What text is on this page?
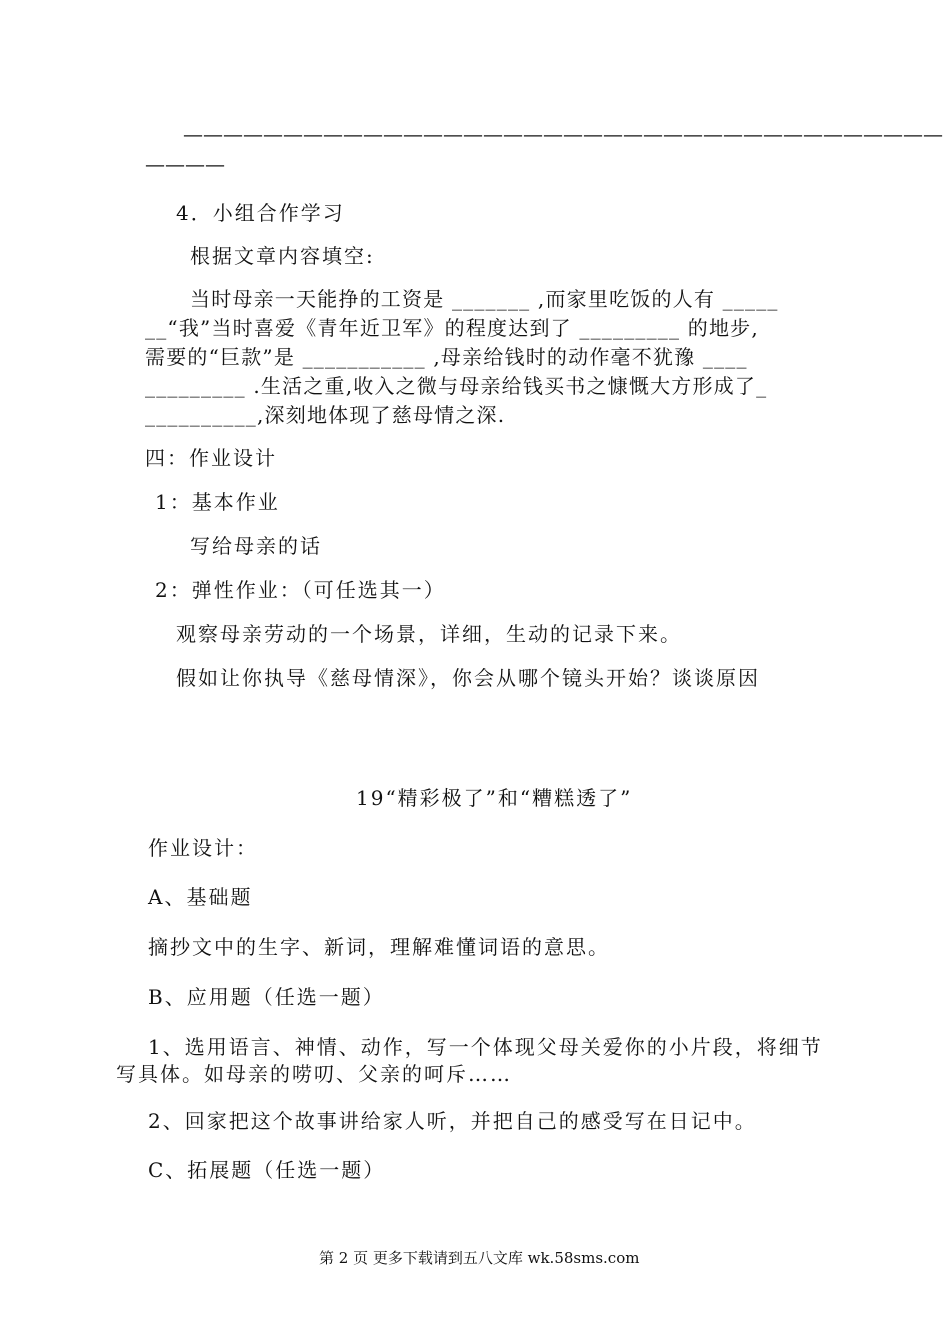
——————————————————————————————————————
————
4．小组合作学习
根据文章内容填空:
当时母亲一天能挣的工资是 _______ ,而家里吃饭的人有 _____
__“我”当时喜爱《青年近卫军》的程度达到了 _________ 的地步,
需要的“巨款”是 ___________ ,母亲给钱时的动作毫不犹豫 ____
_________ .生活之重,收入之微与母亲给钱买书之慷慨大方形成了_
__________,深刻地体现了慈母情之深.
四：作业设计
1：基本作业
写给母亲的话
2：弹性作业：（可任选其一）
观察母亲劳动的一个场景，详细，生动的记录下来。
假如让你执导《慈母情深》，你会从哪个镜头开始？谈谈原因
19“精彩极了”和“糟糕透了”
作业设计：
A、基础题
摘抄文中的生字、新词，理解难懂词语的意思。
B、应用题（任选一题）
1、选用语言、神情、动作，写一个体现父母关爱你的小片段，将细节
写具体。如母亲的唠叨、父亲的呵斥……
2、回家把这个故事讲给家人听，并把自己的感受写在日记中。
C、拓展题（任选一题）
第 2 页 更多下载请到五八文库 wk.58sms.com
